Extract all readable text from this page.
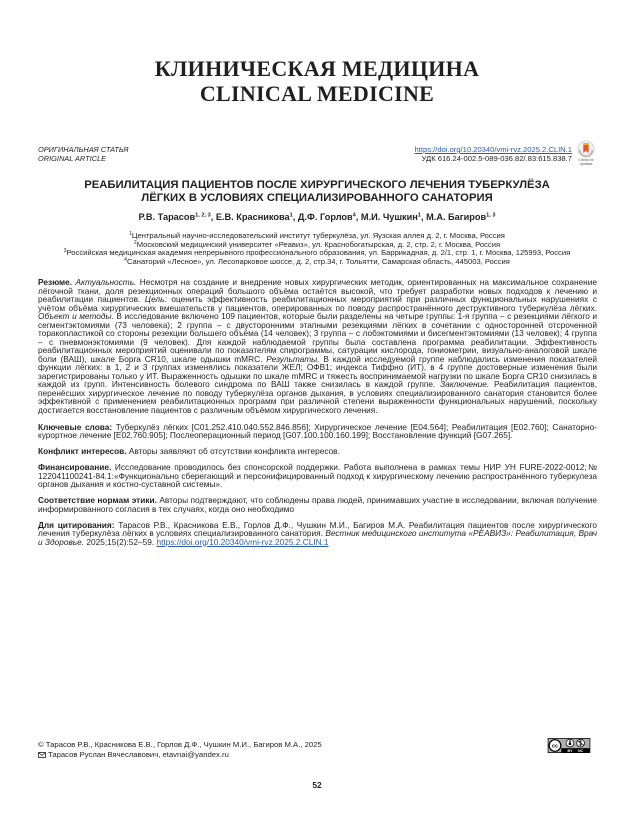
КЛИНИЧЕСКАЯ МЕДИЦИНА
CLINICAL MEDICINE
ОРИГИНАЛЬНАЯ СТАТЬЯ
ORIGINAL ARTICLE
https://doi.org/10.20340/vmi-rvz.2025.2.CLIN.1
УДК 616.24-002.5-089-036.82/.83:615.838.7	Check for
updates
РЕАБИЛИТАЦИЯ ПАЦИЕНТОВ ПОСЛЕ ХИРУРГИЧЕСКОГО ЛЕЧЕНИЯ ТУБЕРКУЛЁЗА
ЛЁГКИХ В УСЛОВИЯХ СПЕЦИАЛИЗИРОВАННОГО САНАТОРИЯ
Р.В. Тарасов$^{1, 2, 3}$, Е.В. Красникова$^1$, Д.Ф. Горлов$^4$, М.И. Чушкин$^1$, М.А. Багиров$^{1, 3}$
$^1$Центральный научно-исследовательский институт туберкулёза, ул. Яузская аллея д. 2, г. Москва, Россия
$^2$Московский медицинский университет «Реавиз», ул. Краснобогатырская, д. 2, стр. 2, г. Москва, Россия
$^3$Российская медицинская академия непрерывного профессионального образования, ул. Баррикадная, д. 2/1, стр. 1, г. Москва, 125993, Россия
$^4$Санаторий «Лесное», ул. Лесопарковое шоссе, д. 2, стр.34, г. Тольятти, Самарская область, 445003, Россия

Резюме. Актуальность. Несмотря на создание и внедрение новых хирургических методик, ориентированных на максимальное сохранение лёгочной ткани, доля резекционных операций большого объёма остаётся высокой, что требует разработки новых подходов к лечению и реабилитации пациентов. Цель: оценить эффективность реабилитационных мероприятий при различных функциональных нарушениях с учётом объёма хирургических вмешательств у пациентов, оперированных по поводу распространённого деструктивного туберкулёза лёгких. Объект и методы. В исследование включено 109 пациентов, которые были разделены на четыре группы: 1-я группа – с резекциями лёгкого и сегментэктомиями (73 человека); 2 группа – с двусторонними этапными резекциями лёгких в сочетании с односторонней отсроченной торакопластикой со стороны резекции большего объёма (14 человек); 3 группа – с лобэктомиями и бисегментэктомиями (13 человек); 4 группа – с пневмонэктомиями (9 человек). Для каждой наблюдаемой группы была составлена программа реабилитации. Эффективность реабилитационных мероприятий оценивали по показателям спирограммы, сатурации кислорода, гониометрии, визуально-аналоговой шкале боли (ВАШ), шкале Борга CR10, шкале одышки mMRC. Результаты. В каждой исследуемой группе наблюдались изменения показателей функции лёгких: в 1, 2 и 3 группах изменялись показатели ЖЕЛ; ОФВ1; индекса Тиффно (ИТ), в 4 группе достоверные изменения были зарегистрированы только у ИТ. Выраженность одышки по шкале mMRC и тяжесть воспринимаемой нагрузки по шкале Борга CR10 снизилась в каждой из групп. Интенсивность болевого синдрома по ВАШ также снизилась в каждой группе. Заключение. Реабилитация пациентов, перенёсших хирургическое лечение по поводу туберкулёза органов дыхания, в условиях специализированного санатория становится более эффективной с применением реабилитационных программ при различной степени выраженности функциональных нарушений, поскольку достигается восстановление пациентов с различным объёмом хирургического лечения.

Ключевые слова: Туберкулёз лёгких [C01.252.410.040.552.846.856]; Хирургическое лечение [E04.564]; Реабилитация [E02.760]; Санаторно-курортное лечение [E02.760.905]; Послеоперационный период [G07.100.100.160.199]; Восстановление функций [G07.265].

Конфликт интересов. Авторы заявляют об отсутствии конфликта интересов.

Финансирование. Исследование проводилось без спонсорской поддержки. Работа выполнена в рамках темы НИР УН FURE-2022-0012;№ 122041100241-84.1:«Функционально сберегающий и персонифицированный подход к хирургическому лечению распространённого туберкулеза органов дыхания и костно-суставной системы».

Соответствие нормам этики. Авторы подтверждают, что соблюдены права людей, принимавших участие в исследовании, включая получение информированного согласия в тех случаях, когда оно необходимо

Для цитирования: Тарасов Р.В., Красникова Е.В., Горлов Д.Ф., Чушкин М.И., Багиров М.А. Реабилитация пациентов после хирургического лечения туберкулёза лёгких в условиях специализированного санатория. Вестник медицинского института «РЕАВИЗ»: Реабилитация, Врач и Здоровье. 2025;15(2):52–59. https://doi.org/10.20340/vmi-rvz.2025.2.CLIN.1

© Тарасов Р.В., Красникова Е.В., Горлов Д.Ф., Чушкин М.И., Багиров М.А., 2025
Тарасов Руслан Вячеславович, etavnai@yandex.ru
cc
BY NC
52
